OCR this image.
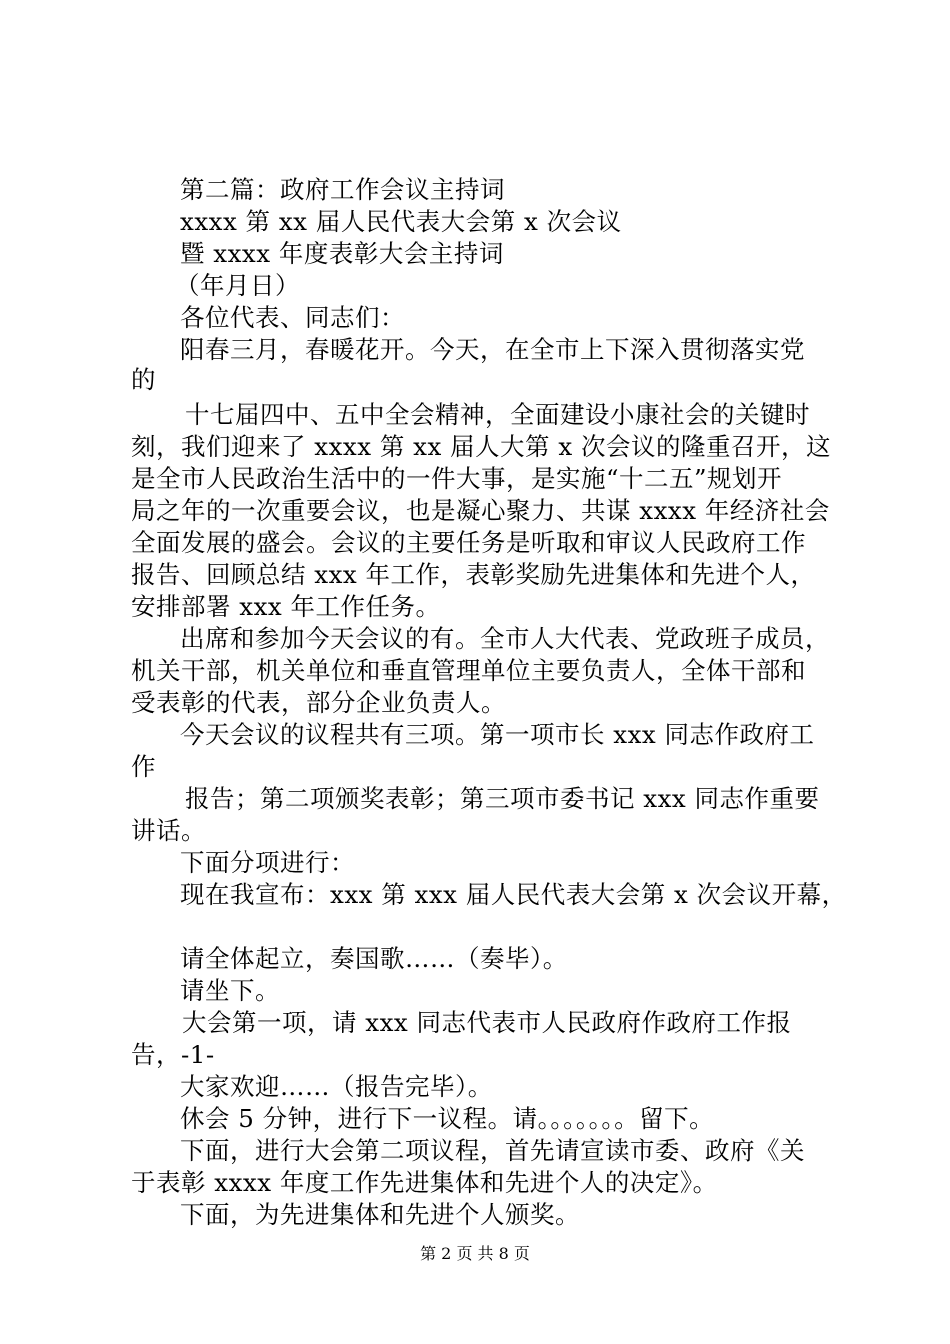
第二篇：政府工作会议主持词
xxxx 第 xx 届人民代表大会第 x 次会议
暨 xxxx 年度表彰大会主持词
（年月日）
各位代表、同志们：
阳春三月，春暖花开。今天，在全市上下深入贯彻落实党
的
十七届四中、五中全会精神，全面建设小康社会的关键时
刻，我们迎来了 xxxx 第 xx 届人大第 x 次会议的隆重召开，这
是全市人民政治生活中的一件大事，是实施“十二五”规划开
局之年的一次重要会议，也是凝心聚力、共谋 xxxx 年经济社会
全面发展的盛会。会议的主要任务是听取和审议人民政府工作
报告、回顾总结 xxx 年工作，表彰奖励先进集体和先进个人，
安排部署 xxx 年工作任务。
出席和参加今天会议的有。全市人大代表、党政班子成员，
机关干部，机关单位和垂直管理单位主要负责人，全体干部和
受表彰的代表，部分企业负责人。
今天会议的议程共有三项。第一项市长 xxx 同志作政府工
作
报告；第二项颁奖表彰；第三项市委书记 xxx 同志作重要
讲话。
下面分项进行：
现在我宣布：xxx 第 xxx 届人民代表大会第 x 次会议开幕，
请全体起立，奏国歌……（奏毕）。
请坐下。
大会第一项，请 xxx 同志代表市人民政府作政府工作报
告，-1-
大家欢迎……（报告完毕）。
休会 5 分钟，进行下一议程。请。。。。。。。留下。
下面，进行大会第二项议程，首先请宣读市委、政府《关
于表彰 xxxx 年度工作先进集体和先进个人的决定》。
下面，为先进集体和先进个人颁奖。
第 2 页 共 8 页
